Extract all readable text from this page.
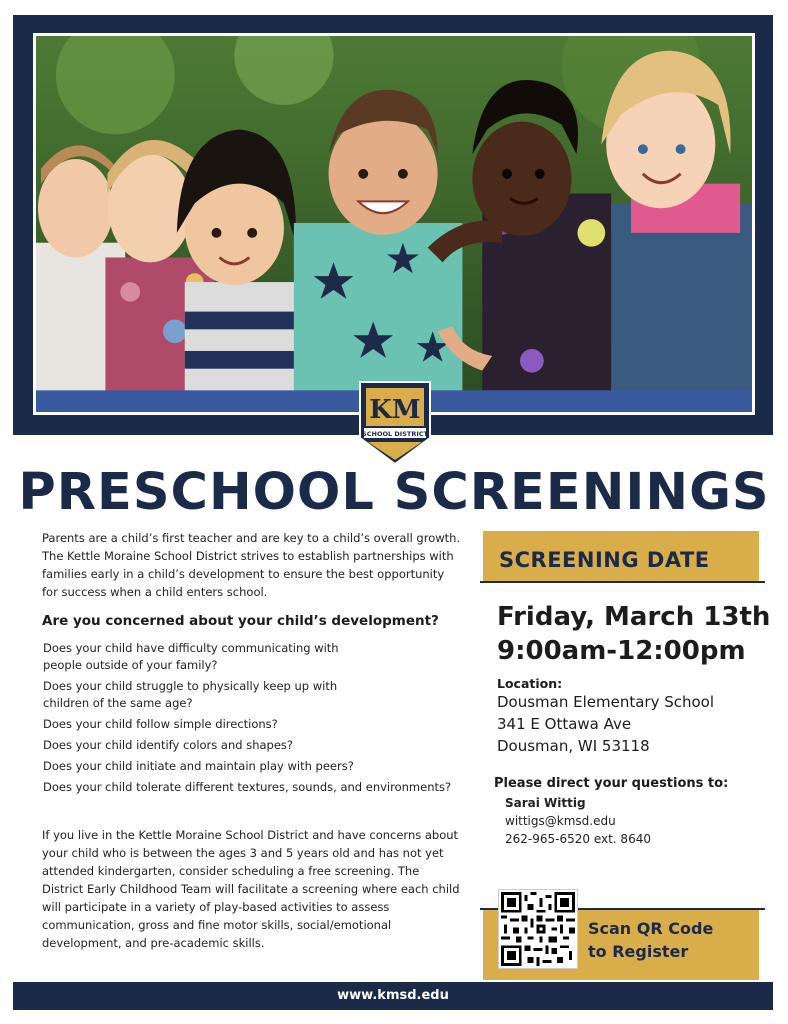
KM
SCHOOL DISTRICT
PRESCHOOL SCREENINGS

Parents are a child’s first teacher and are key to a child’s overall growth. The Kettle Moraine School District strives to establish partnerships with families early in a child’s development to ensure the best opportunity for success when a child enters school.

Are you concerned about your child’s development?
Does your child have difficulty communicating with people outside of your family?
Does your child struggle to physically keep up with children of the same age?
Does your child follow simple directions?
Does your child identify colors and shapes?
Does your child initiate and maintain play with peers?
Does your child tolerate different textures, sounds, and environments?

If you live in the Kettle Moraine School District and have concerns about your child who is between the ages 3 and 5 years old and has not yet attended kindergarten, consider scheduling a free screening. The District Early Childhood Team will facilitate a screening where each child will participate in a variety of play-based activities to assess communication, gross and fine motor skills, social/emotional development, and pre-academic skills.

SCREENING DATE
Friday, March 13th
9:00am-12:00pm
Location:
Dousman Elementary School
341 E Ottawa Ave
Dousman, WI 53118
Please direct your questions to:
Sarai Wittig
wittigs@kmsd.edu
262-965-6520 ext. 8640
Scan QR Code
to Register
www.kmsd.edu
